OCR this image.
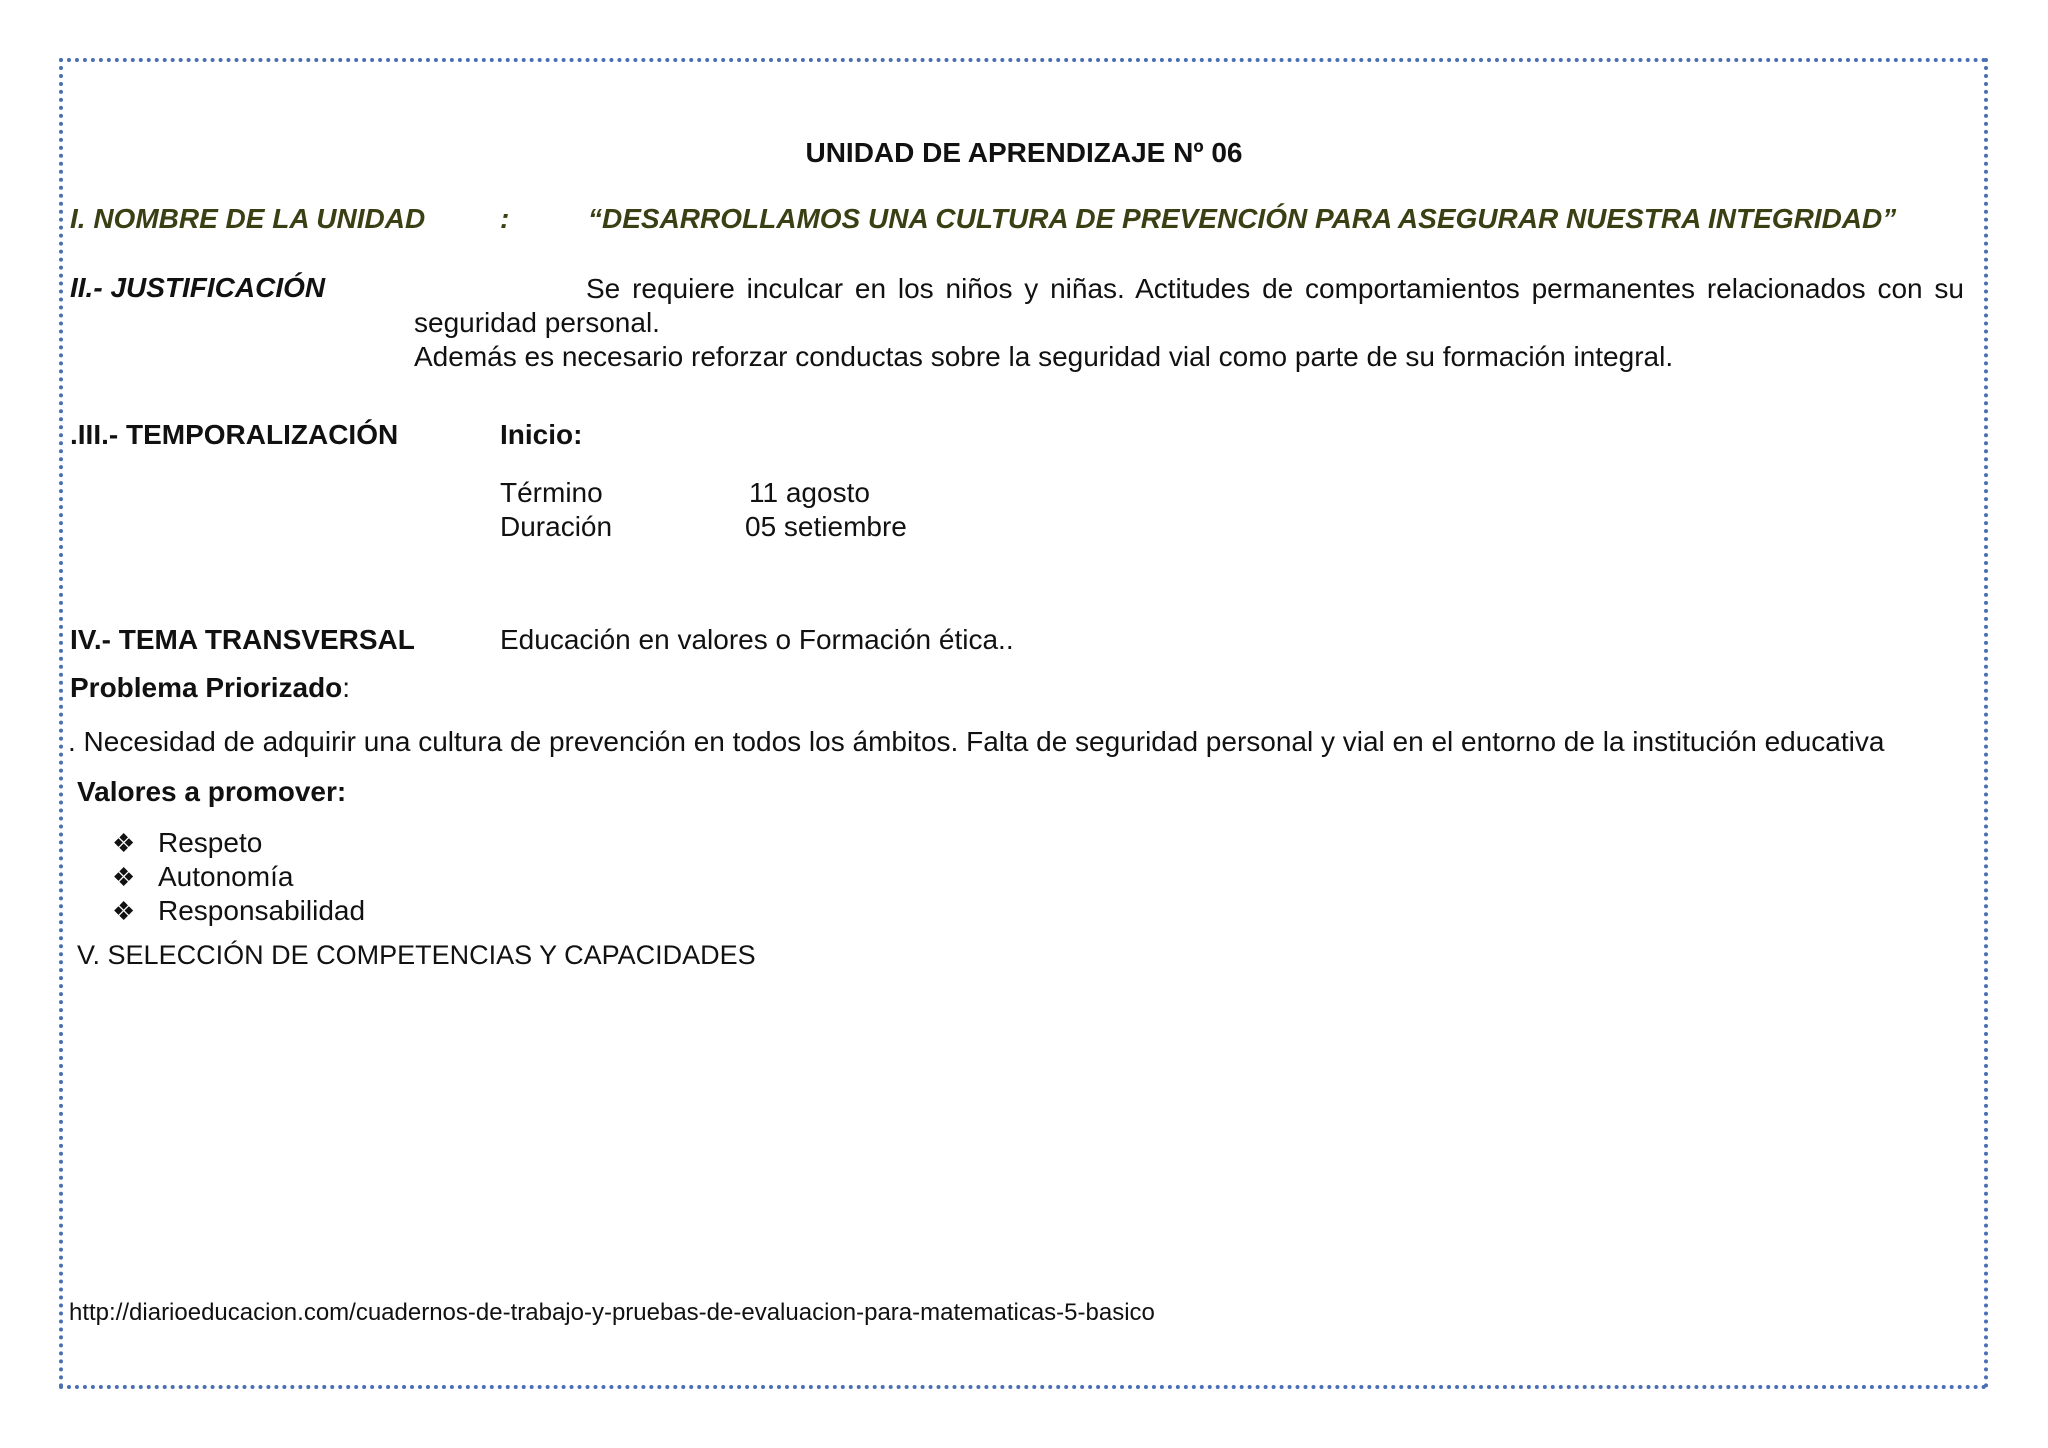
UNIDAD DE APRENDIZAJE Nº 06
I. NOMBRE DE LA UNIDAD	:	“DESARROLLAMOS UNA CULTURA DE PREVENCIÓN PARA ASEGURAR NUESTRA INTEGRIDAD”
II.- JUSTIFICACIÓN	Se requiere inculcar en los niños y niñas. Actitudes de comportamientos permanentes relacionados con su seguridad personal.
Además es necesario reforzar conductas sobre la seguridad vial como parte de su formación integral.
.III.- TEMPORALIZACIÓN	Inicio:
Término	11 agosto
Duración	05 setiembre
IV.- TEMA TRANSVERSAL	Educación en valores o Formación ética..
Problema Priorizado:
. Necesidad de adquirir una cultura de prevención en todos los ámbitos. Falta de seguridad personal y vial en el entorno de la institución educativa
Valores a promover:
❖ Respeto
❖ Autonomía
❖ Responsabilidad
V. SELECCIÓN DE COMPETENCIAS Y CAPACIDADES
http://diarioeducacion.com/cuadernos-de-trabajo-y-pruebas-de-evaluacion-para-matematicas-5-basico
